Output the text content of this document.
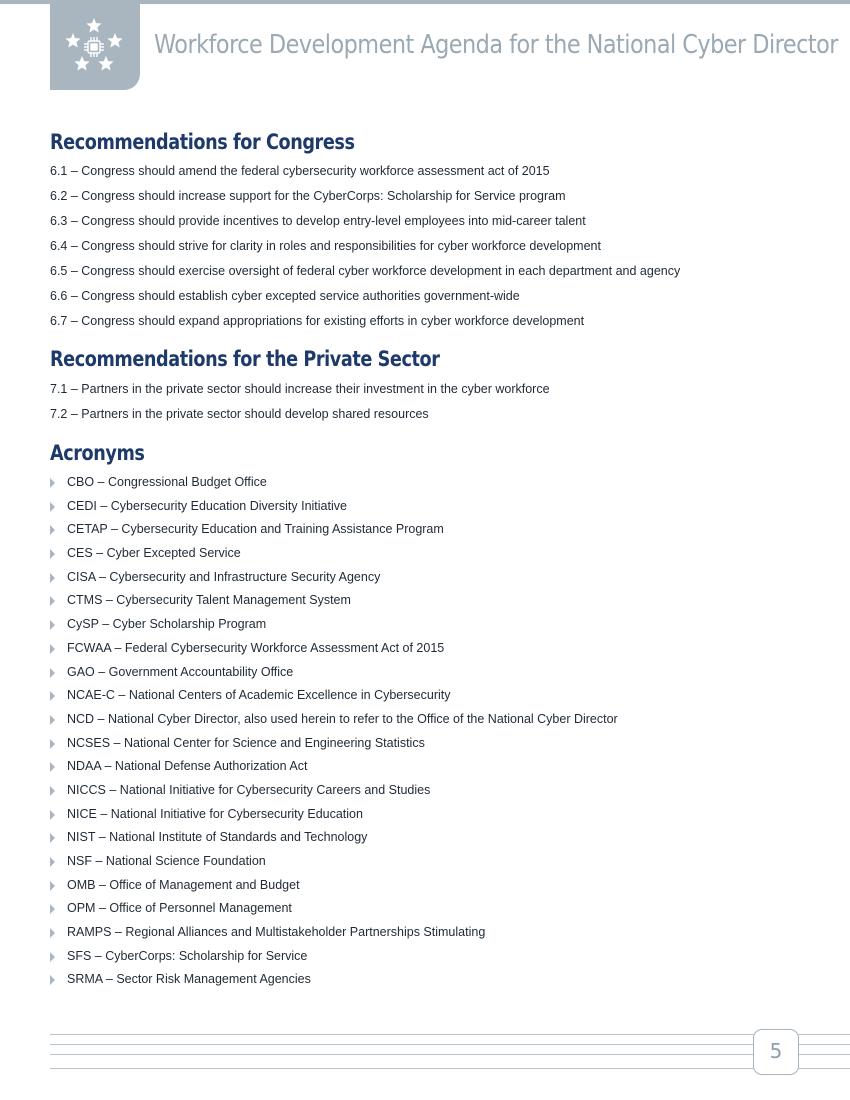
Workforce Development Agenda for the National Cyber Director
Recommendations for Congress
6.1 – Congress should amend the federal cybersecurity workforce assessment act of 2015
6.2 – Congress should increase support for the CyberCorps: Scholarship for Service program
6.3 – Congress should provide incentives to develop entry-level employees into mid-career talent
6.4 – Congress should strive for clarity in roles and responsibilities for cyber workforce development
6.5 – Congress should exercise oversight of federal cyber workforce development in each department and agency
6.6 – Congress should establish cyber excepted service authorities government-wide
6.7 – Congress should expand appropriations for existing efforts in cyber workforce development
Recommendations for the Private Sector
7.1 – Partners in the private sector should increase their investment in the cyber workforce
7.2 – Partners in the private sector should develop shared resources
Acronyms
CBO – Congressional Budget Office
CEDI – Cybersecurity Education Diversity Initiative
CETAP – Cybersecurity Education and Training Assistance Program
CES – Cyber Excepted Service
CISA – Cybersecurity and Infrastructure Security Agency
CTMS – Cybersecurity Talent Management System
CySP – Cyber Scholarship Program
FCWAA – Federal Cybersecurity Workforce Assessment Act of 2015
GAO – Government Accountability Office
NCAE-C – National Centers of Academic Excellence in Cybersecurity
NCD – National Cyber Director, also used herein to refer to the Office of the National Cyber Director
NCSES – National Center for Science and Engineering Statistics
NDAA – National Defense Authorization Act
NICCS – National Initiative for Cybersecurity Careers and Studies
NICE – National Initiative for Cybersecurity Education
NIST – National Institute of Standards and Technology
NSF – National Science Foundation
OMB – Office of Management and Budget
OPM – Office of Personnel Management
RAMPS – Regional Alliances and Multistakeholder Partnerships Stimulating
SFS – CyberCorps: Scholarship for Service
SRMA – Sector Risk Management Agencies
5
